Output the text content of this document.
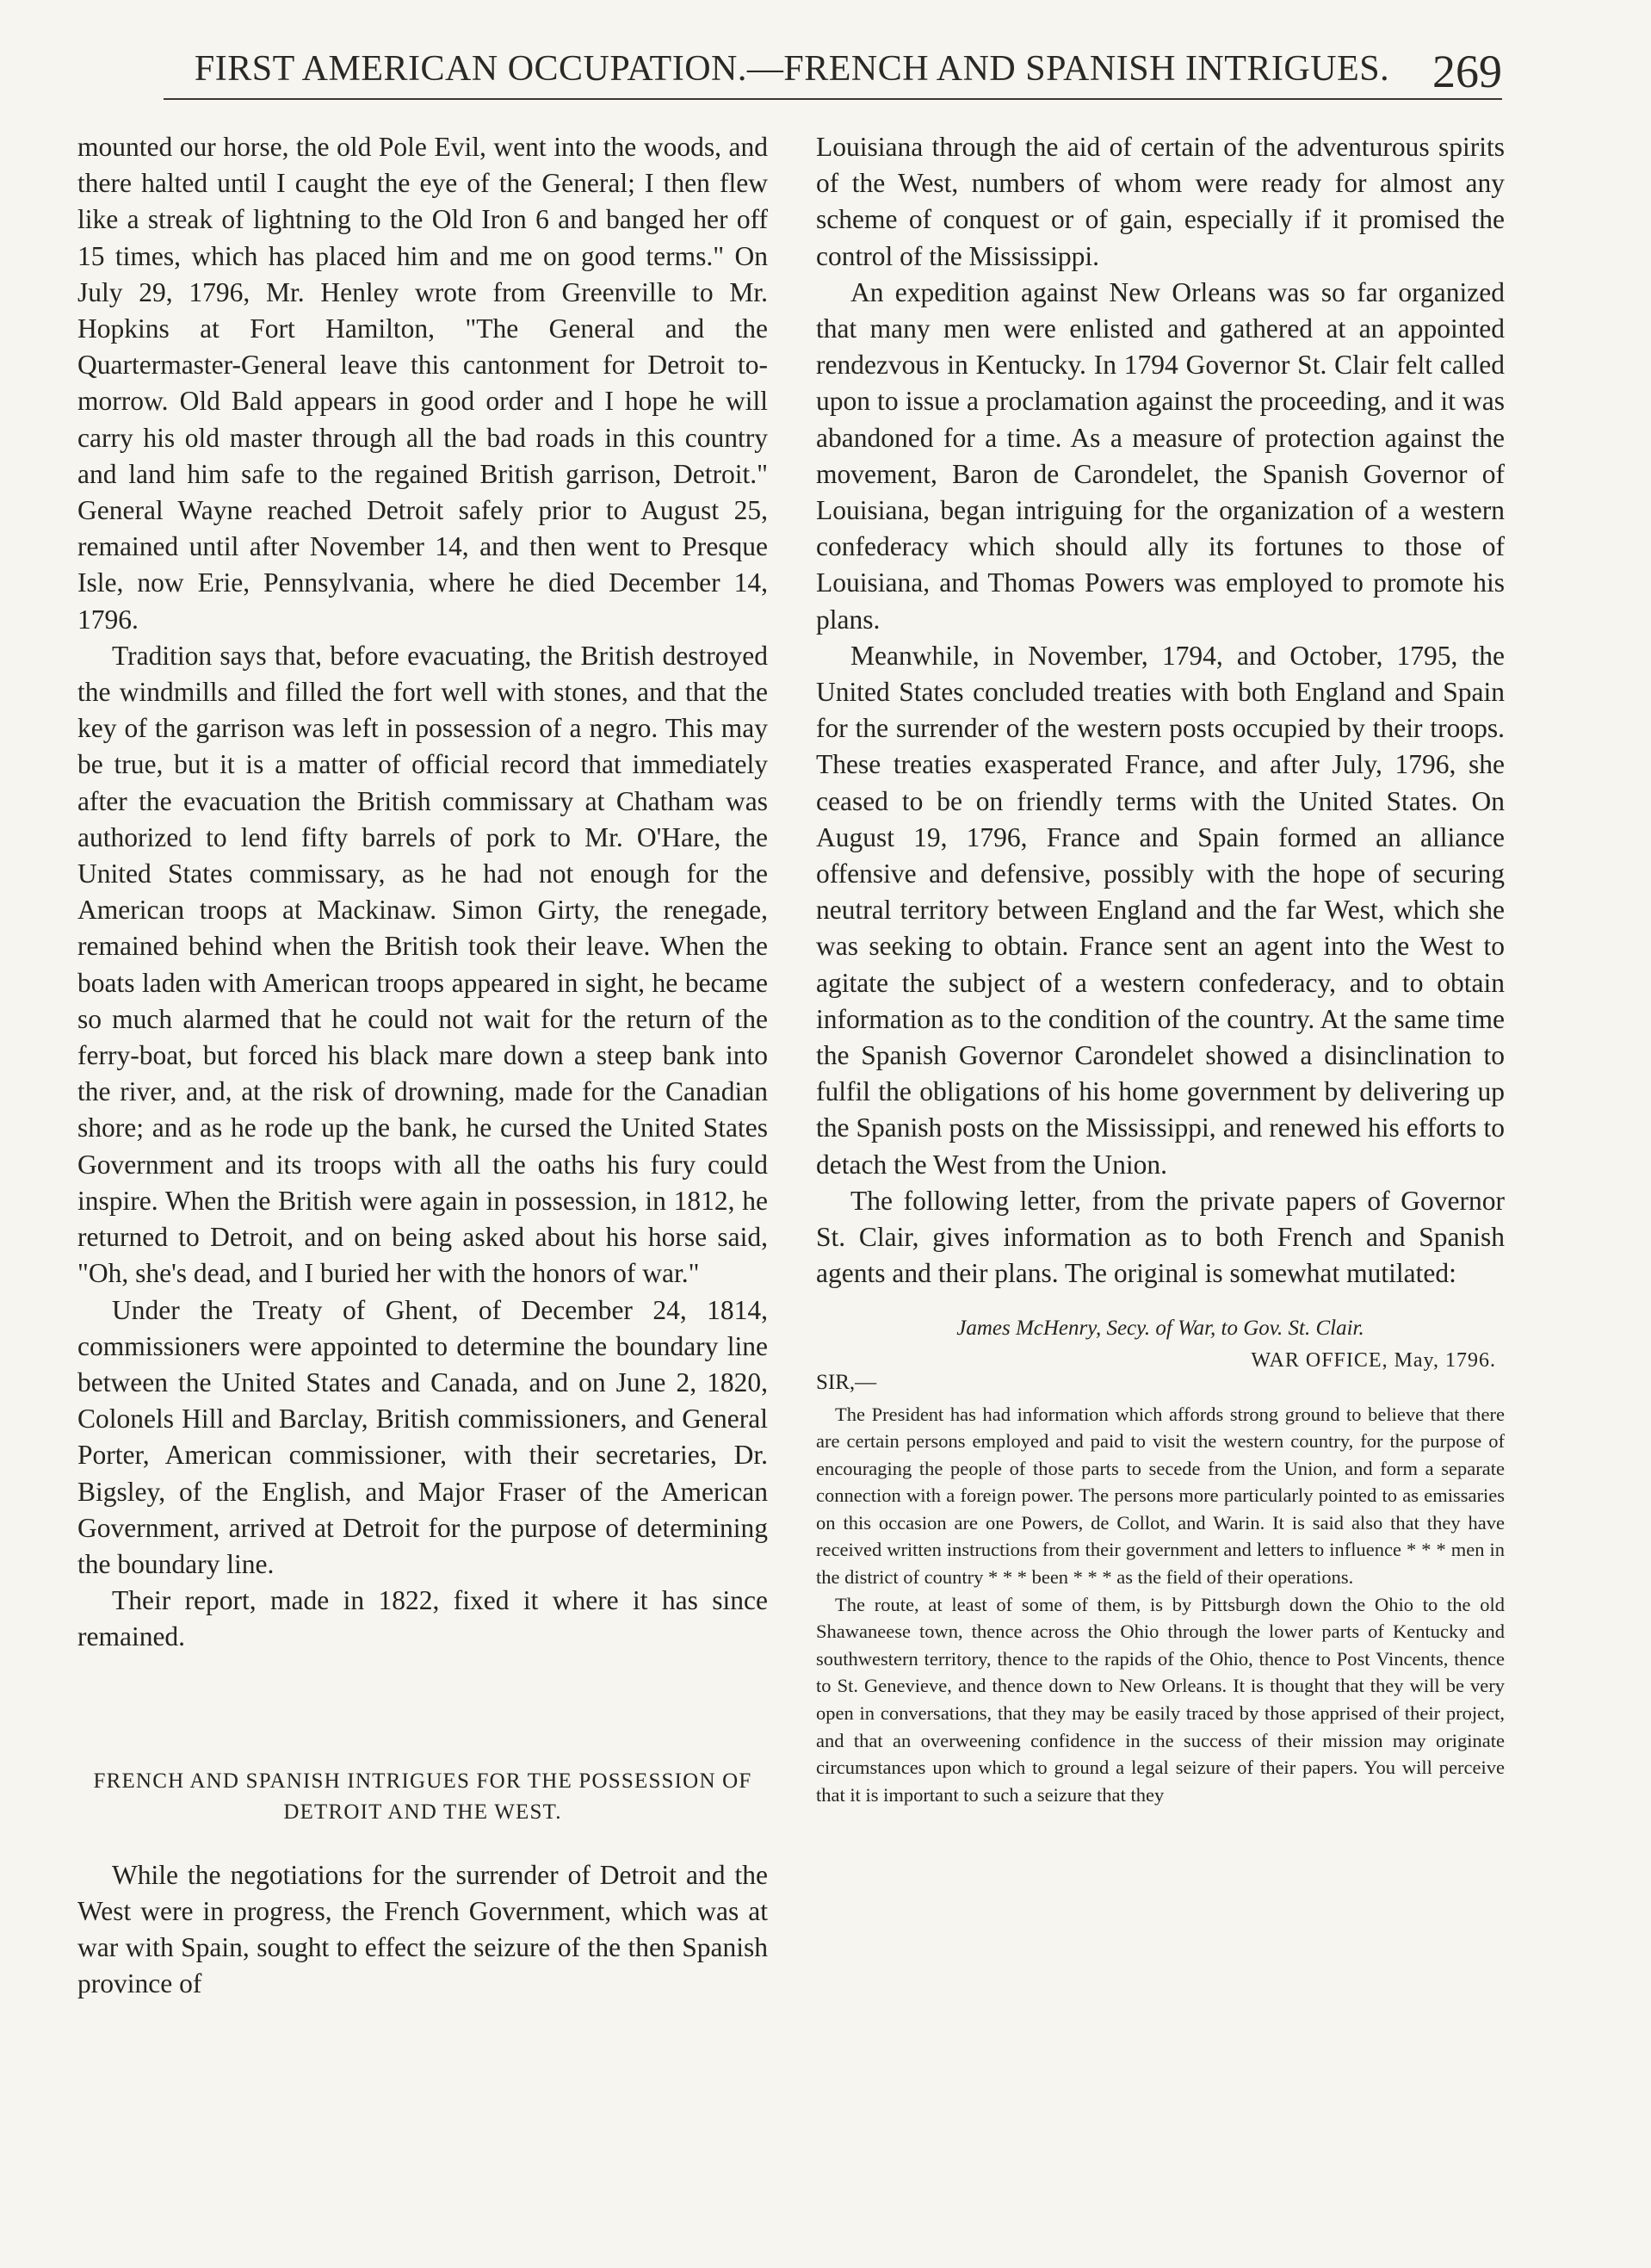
FIRST AMERICAN OCCUPATION.—FRENCH AND SPANISH INTRIGUES. 269

mounted our horse, the old Pole Evil, went into the woods, and there halted until I caught the eye of the General; I then flew like a streak of lightning to the Old Iron 6 and banged her off 15 times, which has placed him and me on good terms." On July 29, 1796, Mr. Henley wrote from Greenville to Mr. Hopkins at Fort Hamilton, "The General and the Quartermaster-General leave this cantonment for Detroit to-morrow. Old Bald appears in good order and I hope he will carry his old master through all the bad roads in this country and land him safe to the regained British garrison, Detroit." General Wayne reached Detroit safely prior to August 25, remained until after November 14, and then went to Presque Isle, now Erie, Pennsylvania, where he died December 14, 1796.

Tradition says that, before evacuating, the British destroyed the windmills and filled the fort well with stones, and that the key of the garrison was left in possession of a negro. This may be true, but it is a matter of official record that immediately after the evacuation the British commissary at Chatham was authorized to lend fifty barrels of pork to Mr. O'Hare, the United States commissary, as he had not enough for the American troops at Mackinaw. Simon Girty, the renegade, remained behind when the British took their leave. When the boats laden with American troops appeared in sight, he became so much alarmed that he could not wait for the return of the ferry-boat, but forced his black mare down a steep bank into the river, and, at the risk of drowning, made for the Canadian shore; and as he rode up the bank, he cursed the United States Government and its troops with all the oaths his fury could inspire. When the British were again in possession, in 1812, he returned to Detroit, and on being asked about his horse said, "Oh, she's dead, and I buried her with the honors of war."

Under the Treaty of Ghent, of December 24, 1814, commissioners were appointed to determine the boundary line between the United States and Canada, and on June 2, 1820, Colonels Hill and Barclay, British commissioners, and General Porter, American commissioner, with their secretaries, Dr. Bigsley, of the English, and Major Fraser of the American Government, arrived at Detroit for the purpose of determining the boundary line.

Their report, made in 1822, fixed it where it has since remained.

FRENCH AND SPANISH INTRIGUES FOR THE POSSESSION OF DETROIT AND THE WEST.

While the negotiations for the surrender of Detroit and the West were in progress, the French Government, which was at war with Spain, sought to effect the seizure of the then Spanish province of

Louisiana through the aid of certain of the adventurous spirits of the West, numbers of whom were ready for almost any scheme of conquest or of gain, especially if it promised the control of the Mississippi.

An expedition against New Orleans was so far organized that many men were enlisted and gathered at an appointed rendezvous in Kentucky. In 1794 Governor St. Clair felt called upon to issue a proclamation against the proceeding, and it was abandoned for a time. As a measure of protection against the movement, Baron de Carondelet, the Spanish Governor of Louisiana, began intriguing for the organization of a western confederacy which should ally its fortunes to those of Louisiana, and Thomas Powers was employed to promote his plans.

Meanwhile, in November, 1794, and October, 1795, the United States concluded treaties with both England and Spain for the surrender of the western posts occupied by their troops. These treaties exasperated France, and after July, 1796, she ceased to be on friendly terms with the United States. On August 19, 1796, France and Spain formed an alliance offensive and defensive, possibly with the hope of securing neutral territory between England and the far West, which she was seeking to obtain. France sent an agent into the West to agitate the subject of a western confederacy, and to obtain information as to the condition of the country. At the same time the Spanish Governor Carondelet showed a disinclination to fulfil the obligations of his home government by delivering up the Spanish posts on the Mississippi, and renewed his efforts to detach the West from the Union.

The following letter, from the private papers of Governor St. Clair, gives information as to both French and Spanish agents and their plans. The original is somewhat mutilated:

James McHenry, Secy. of War, to Gov. St. Clair.
WAR OFFICE, May, 1796.
SIR,—

The President has had information which affords strong ground to believe that there are certain persons employed and paid to visit the western country, for the purpose of encouraging the people of those parts to secede from the Union, and form a separate connection with a foreign power. The persons more particularly pointed to as emissaries on this occasion are one Powers, de Collot, and Warin. It is said also that they have received written instructions from their government and letters to influence * * * men in the district of country * * * been * * * as the field of their operations.

The route, at least of some of them, is by Pittsburgh down the Ohio to the old Shawaneese town, thence across the Ohio through the lower parts of Kentucky and southwestern territory, thence to the rapids of the Ohio, thence to Post Vincents, thence to St. Genevieve, and thence down to New Orleans. It is thought that they will be very open in conversations, that they may be easily traced by those apprised of their project, and that an overweening confidence in the success of their mission may originate circumstances upon which to ground a legal seizure of their papers. You will perceive that it is important to such a seizure that they
